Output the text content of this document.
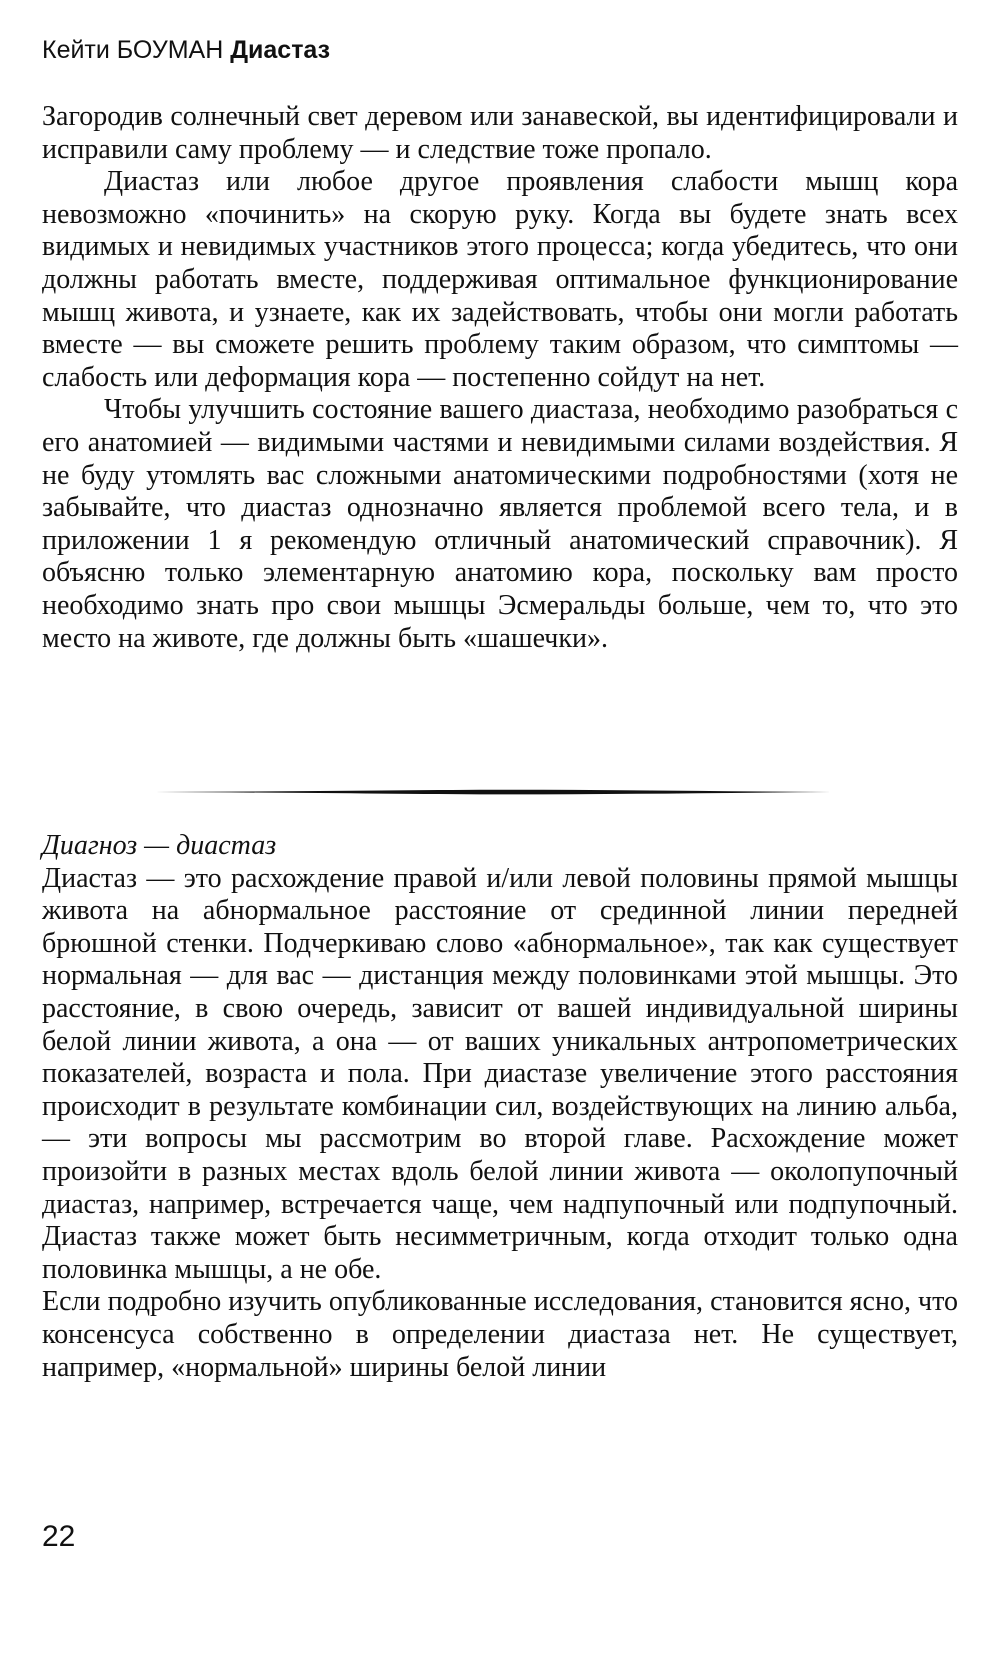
Кейти БОУМАН Диастаз

Загородив солнечный свет деревом или занавеской, вы идентифицировали и исправили саму проблему — и следствие тоже пропало.

Диастаз или любое другое проявления слабости мышц кора невозможно «починить» на скорую руку. Когда вы будете знать всех видимых и невидимых участников этого процесса; когда убедитесь, что они должны работать вместе, поддерживая оптимальное функционирование мышц живота, и узнаете, как их задействовать, чтобы они могли работать вместе — вы сможете решить проблему таким образом, что симптомы — слабость или деформация кора — постепенно сойдут на нет.

Чтобы улучшить состояние вашего диастаза, необходимо разобраться с его анатомией — видимыми частями и невидимыми силами воздействия. Я не буду утомлять вас сложными анатомическими подробностями (хотя не забывайте, что диастаз однозначно является проблемой всего тела, и в приложении 1 я рекомендую отличный анатомический справочник). Я объясню только элементарную анатомию кора, поскольку вам просто необходимо знать про свои мышцы Эсмеральды больше, чем то, что это место на животе, где должны быть «шашечки».

Диагноз — диастаз

Диастаз — это расхождение правой и/или левой половины прямой мышцы живота на абнормальное расстояние от срединной линии передней брюшной стенки. Подчеркиваю слово «абнормальное», так как существует нормальная — для вас — дистанция между половинками этой мышцы. Это расстояние, в свою очередь, зависит от вашей индивидуальной ширины белой линии живота, а она — от ваших уникальных антропометрических показателей, возраста и пола. При диастазе увеличение этого расстояния происходит в результате комбинации сил, воздействующих на линию альба,— эти вопросы мы рассмотрим во второй главе. Расхождение может произойти в разных местах вдоль белой линии живота — околопупочный диастаз, например, встречается чаще, чем надпупочный или подпупочный. Диастаз также может быть несимметричным, когда отходит только одна половинка мышцы, а не обе.

Если подробно изучить опубликованные исследования, становится ясно, что консенсуса собственно в определении диастаза нет. Не существует, например, «нормальной» ширины белой линии

22
